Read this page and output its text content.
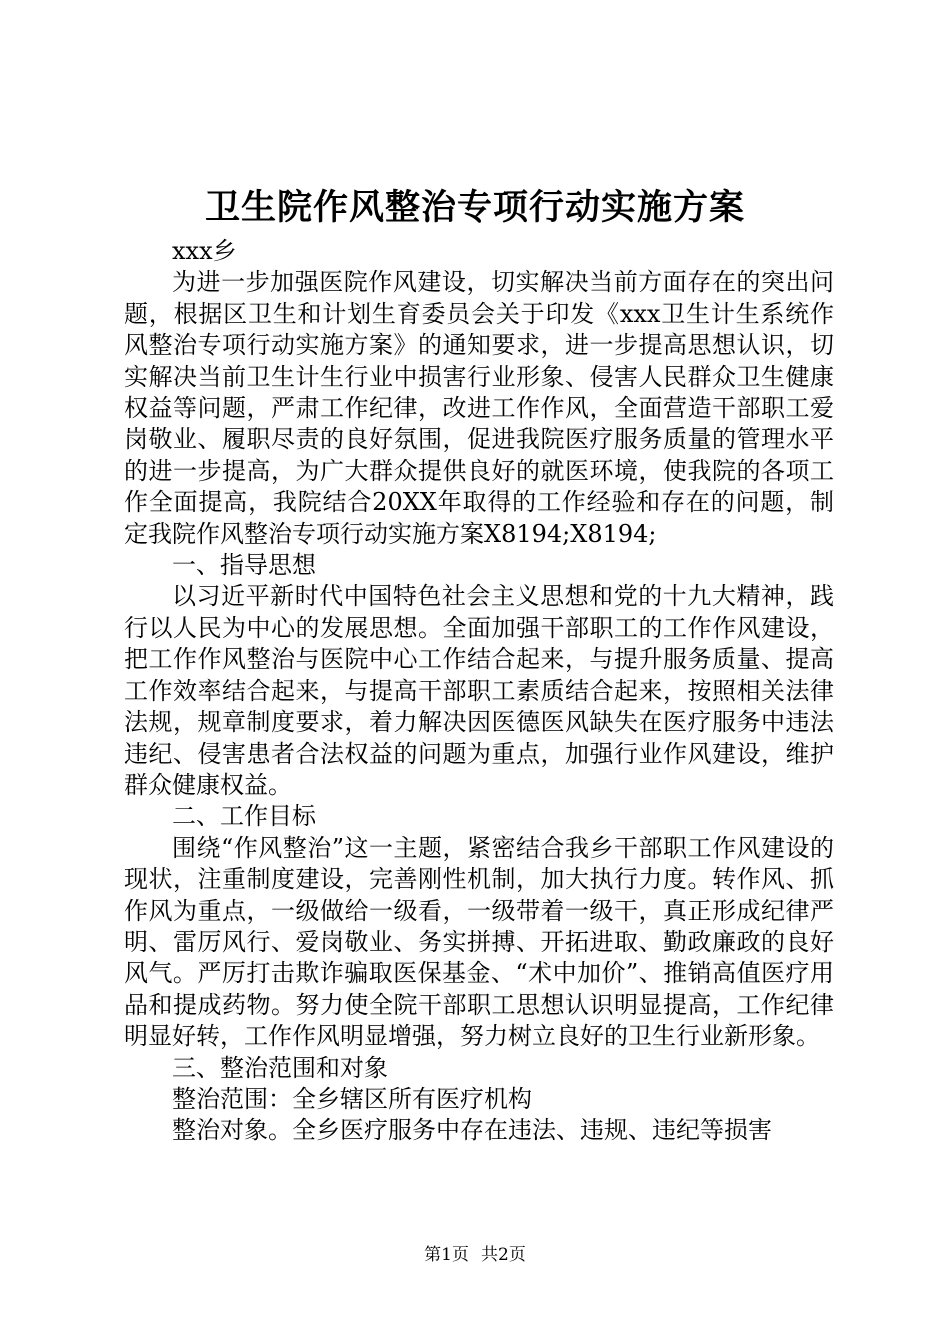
卫生院作风整治专项行动实施方案

xxx乡

为进一步加强医院作风建设，切实解决当前方面存在的突出问题，根据区卫生和计划生育委员会关于印发《xxx卫生计生系统作风整治专项行动实施方案》的通知要求，进一步提高思想认识，切实解决当前卫生计生行业中损害行业形象、侵害人民群众卫生健康权益等问题，严肃工作纪律，改进工作作风，全面营造干部职工爱岗敬业、履职尽责的良好氛围，促进我院医疗服务质量的管理水平的进一步提高，为广大群众提供良好的就医环境，使我院的各项工作全面提高，我院结合20XX年取得的工作经验和存在的问题，制定我院作风整治专项行动实施方案X8194;X8194;

一、指导思想

以习近平新时代中国特色社会主义思想和党的十九大精神，践行以人民为中心的发展思想。全面加强干部职工的工作作风建设，把工作作风整治与医院中心工作结合起来，与提升服务质量、提高工作效率结合起来，与提高干部职工素质结合起来，按照相关法律法规，规章制度要求，着力解决因医德医风缺失在医疗服务中违法违纪、侵害患者合法权益的问题为重点，加强行业作风建设，维护群众健康权益。

二、工作目标

围绕“作风整治”这一主题，紧密结合我乡干部职工作风建设的现状，注重制度建设，完善刚性机制，加大执行力度。转作风、抓作风为重点，一级做给一级看，一级带着一级干，真正形成纪律严明、雷厉风行、爱岗敬业、务实拼搏、开拓进取、勤政廉政的良好风气。严厉打击欺诈骗取医保基金、“术中加价”、推销高值医疗用品和提成药物。努力使全院干部职工思想认识明显提高，工作纪律明显好转，工作作风明显增强，努力树立良好的卫生行业新形象。

三、整治范围和对象

整治范围：全乡辖区所有医疗机构

整治对象。全乡医疗服务中存在违法、违规、违纪等损害

第1页 共2页
